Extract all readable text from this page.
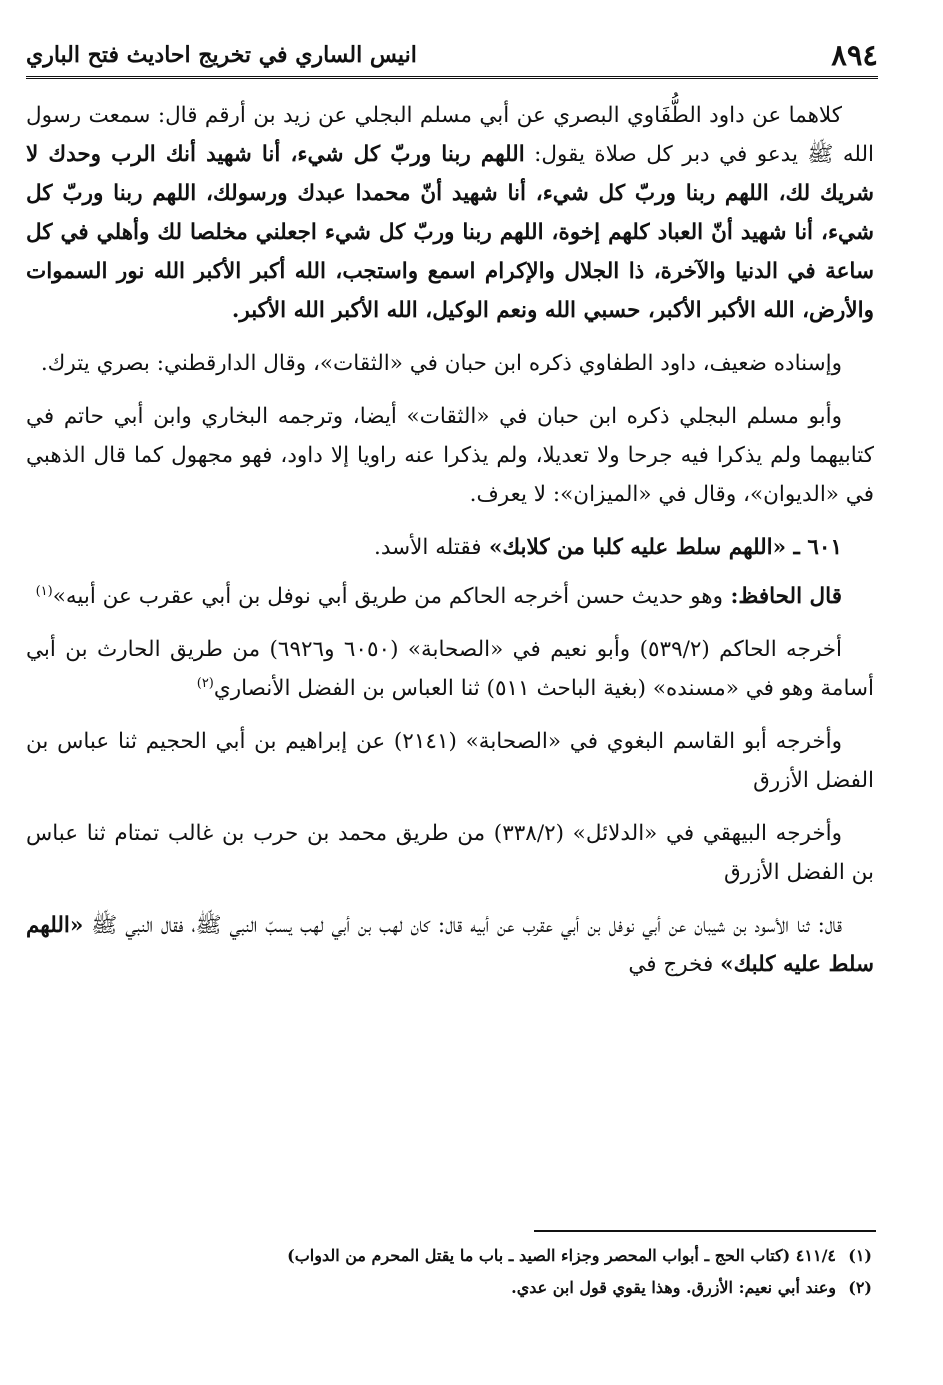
٨٩٤
انيس الساري في تخريج احاديث فتح الباري

كلاهما عن داود الطُّفَاوي البصري عن أبي مسلم البجلي عن زيد بن أرقم قال: سمعت رسول الله ﷺ يدعو في دبر كل صلاة يقول: اللهم ربنا وربّ كل شيء، أنا شهيد أنك الرب وحدك لا شريك لك، اللهم ربنا وربّ كل شيء، أنا شهيد أنّ محمدا عبدك ورسولك، اللهم ربنا وربّ كل شيء، أنا شهيد أنّ العباد كلهم إخوة، اللهم ربنا وربّ كل شيء اجعلني مخلصا لك وأهلي في كل ساعة في الدنيا والآخرة، ذا الجلال والإكرام اسمع واستجب، الله أكبر الأكبر الله نور السموات والأرض، الله الأكبر الأكبر، حسبي الله ونعم الوكيل، الله الأكبر الله الأكبر.

وإسناده ضعيف، داود الطفاوي ذكره ابن حبان في «الثقات»، وقال الدارقطني: بصري يترك.

وأبو مسلم البجلي ذكره ابن حبان في «الثقات» أيضا، وترجمه البخاري وابن أبي حاتم في كتابيهما ولم يذكرا فيه جرحا ولا تعديلا، ولم يذكرا عنه راويا إلا داود، فهو مجهول كما قال الذهبي في «الديوان»، وقال في «الميزان»: لا يعرف.

٦٠١ ـ «اللهم سلط عليه كلبا من كلابك» فقتله الأسد.

قال الحافظ: وهو حديث حسن أخرجه الحاكم من طريق أبي نوفل بن أبي عقرب عن أبيه»$^{(١)}$

أخرجه الحاكم (٥٣٩/٢) وأبو نعيم في «الصحابة» (٦٠٥٠ و٦٩٢٦) من طريق الحارث بن أبي أسامة وهو في «مسنده» (بغية الباحث ٥١١) ثنا العباس بن الفضل الأنصاري$^{(٢)}$

وأخرجه أبو القاسم البغوي في «الصحابة» (٢١٤١) عن إبراهيم بن أبي الحجيم ثنا عباس بن الفضل الأزرق

وأخرجه البيهقي في «الدلائل» (٣٣٨/٢) من طريق محمد بن حرب بن غالب تمتام ثنا عباس بن الفضل الأزرق

قال: ثنا الأسود بن شيبان عن أبي نوفل بن أبي عقرب عن أبيه قال: كان لهب بن أبي لهب يسبّ النبي ﷺ، فقال النبي ﷺ «اللهم سلط عليه كلبك» فخرج في

(١)٤١١/٤ (كتاب الحج ـ أبواب المحصر وجزاء الصيد ـ باب ما يقتل المحرم من الدواب)

(٢)وعند أبي نعيم: الأزرق. وهذا يقوي قول ابن عدي.
